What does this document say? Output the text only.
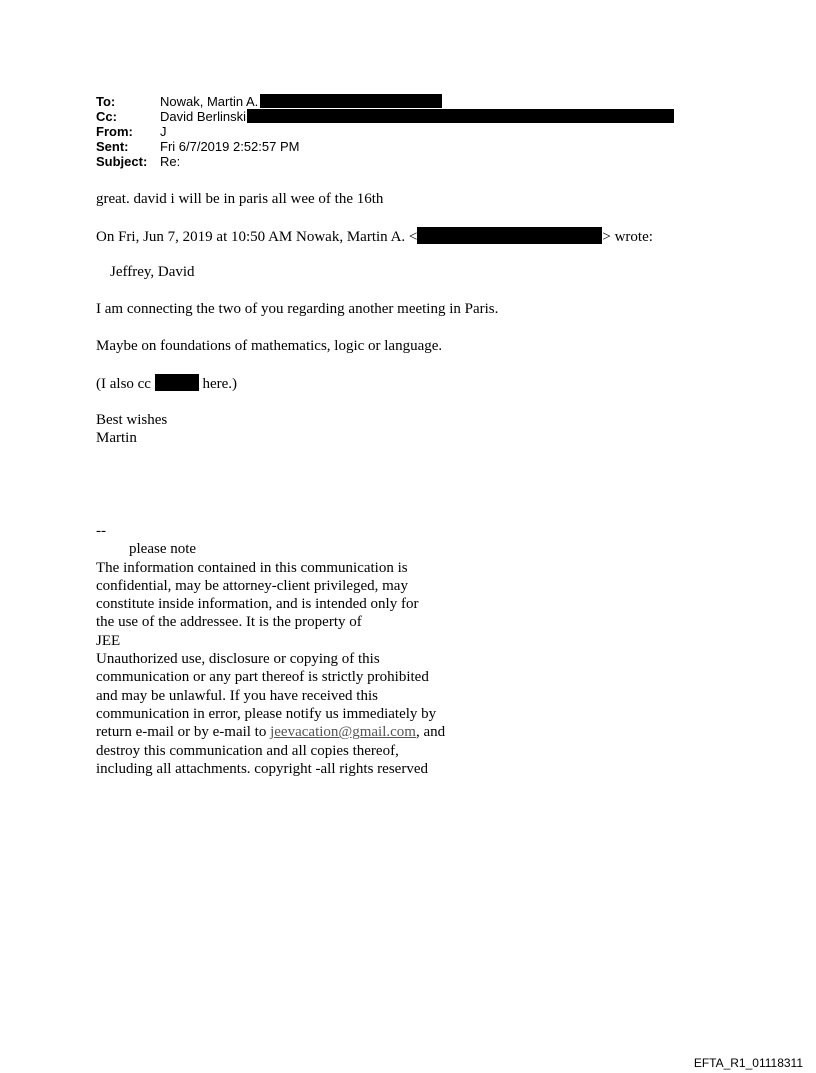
To:	Nowak, Martin A.
Cc:	David Berlinski
From:	J
Sent:	Fri 6/7/2019 2:52:57 PM
Subject: Re:
great. david i will be in paris all wee of the 16th
On Fri, Jun 7, 2019 at 10:50 AM Nowak, Martin A. <	> wrote:
Jeffrey, David
I am connecting the two of you regarding another meeting in Paris.
Maybe on foundations of mathematics, logic or language.
(I also cc	here.)
Best wishes
Martin
--
please note
The information contained in this communication is
confidential, may be attorney-client privileged, may
constitute inside information, and is intended only for
the use of the addressee. It is the property of
JEE
Unauthorized use, disclosure or copying of this
communication or any part thereof is strictly prohibited
and may be unlawful. If you have received this
communication in error, please notify us immediately by
return e-mail or by e-mail to jeevacation@gmail.com, and
destroy this communication and all copies thereof,
including all attachments. copyright -all rights reserved
EFTA_R1_01118311
